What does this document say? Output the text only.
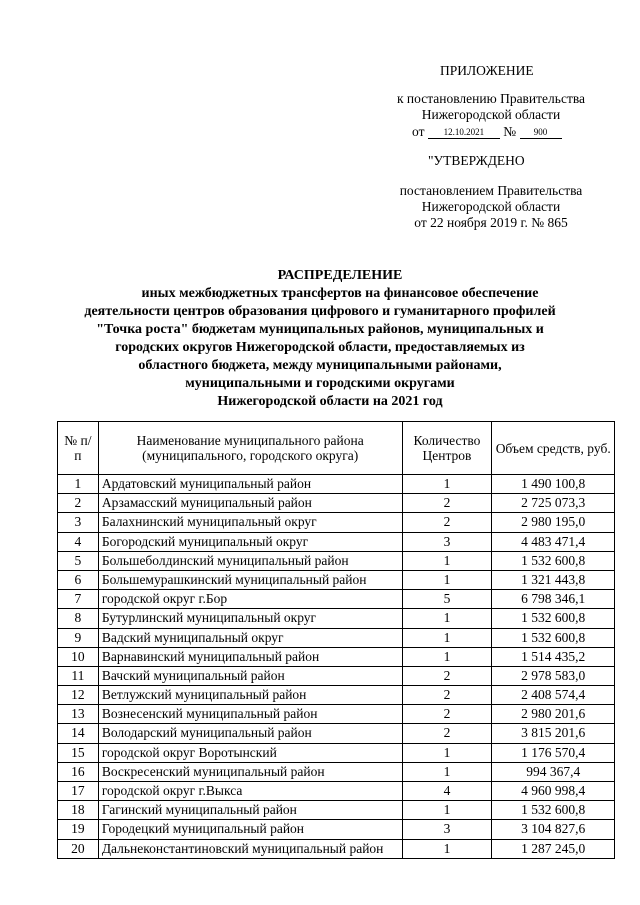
ПРИЛОЖЕНИЕ
к постановлению Правительства
Нижегородской области
от 12.10.2021 № 900
"УТВЕРЖДЕНО
постановлением Правительства
Нижегородской области
от 22 ноября 2019 г. № 865
РАСПРЕДЕЛЕНИЕ
иных межбюджетных трансфертов на финансовое обеспечение
деятельности центров образования цифрового и гуманитарного профилей
"Точка роста" бюджетам муниципальных районов, муниципальных и
городских округов Нижегородской области, предоставляемых из
областного бюджета, между муниципальными районами,
муниципальными и городскими округами
Нижегородской области на 2021 год
№ п/п	Наименование муниципального района (муниципального, городского округа)	Количество Центров	Объем средств, руб.
1	Ардатовский муниципальный район	1	1 490 100,8
2	Арзамасский муниципальный район	2	2 725 073,3
3	Балахнинский муниципальный округ	2	2 980 195,0
4	Богородский муниципальный округ	3	4 483 471,4
5	Большеболдинский муниципальный район	1	1 532 600,8
6	Большемурашкинский муниципальный район	1	1 321 443,8
7	городской округ г.Бор	5	6 798 346,1
8	Бутурлинский муниципальный округ	1	1 532 600,8
9	Вадский муниципальный округ	1	1 532 600,8
10	Варнавинский муниципальный район	1	1 514 435,2
11	Вачский муниципальный район	2	2 978 583,0
12	Ветлужский муниципальный район	2	2 408 574,4
13	Вознесенский муниципальный район	2	2 980 201,6
14	Володарский муниципальный район	2	3 815 201,6
15	городской округ Воротынский	1	1 176 570,4
16	Воскресенский муниципальный район	1	994 367,4
17	городской округ г.Выкса	4	4 960 998,4
18	Гагинский муниципальный район	1	1 532 600,8
19	Городецкий муниципальный район	3	3 104 827,6
20	Дальнеконстантиновский муниципальный район	1	1 287 245,0
